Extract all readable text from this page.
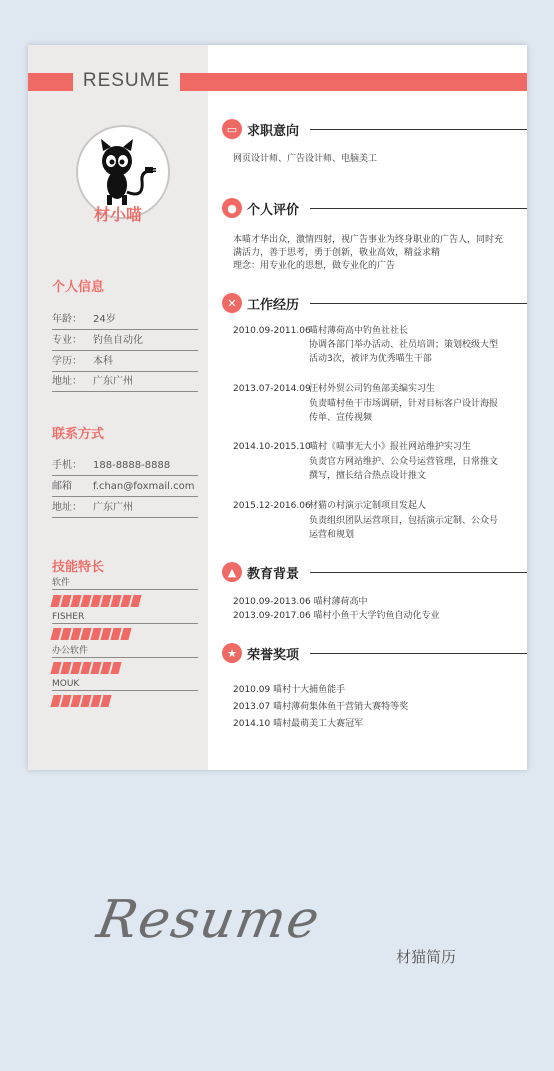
RESUME
材小喵
个人信息
年龄： 24岁
专业： 钓鱼自动化
学历： 本科
地址： 广东广州
联系方式
手机： 188-8888-8888
邮箱 f.chan@foxmail.com
地址： 广东广州
技能特长
软件
FISHER
办公软件
MOUK
▭ 求职意向
网页设计师、广告设计师、电脑美工
● 个人评价
本喵才华出众，激情四射，视广告事业为终身职业的广告人，同时充
满活力，善于思考，勇于创新，敬业高效，精益求精
理念：用专业化的思想，做专业化的广告
✕ 工作经历
2010.09-2011.06
喵村薄荷高中钓鱼社社长
协调各部门举办活动、社员培训；策划校级大型
活动3次，被评为优秀喵生干部
2013.07-2014.09
汪村外贸公司钓鱼部美编实习生
负责喵村鱼干市场调研，针对目标客户设计海报
传单、宣传视频
2014.10-2015.10
喵村《喵事无大小》报社网站维护实习生
负责官方网站维护、公众号运营管理，日常推文
撰写，擅长结合热点设计推文
2015.12-2016.06
材猫の村演示定制项目发起人
负责组织团队运营项目，包括演示定制、公众号
运营和规划
▲ 教育背景
2010.09-2013.06 喵村薄荷高中
2013.09-2017.06 喵村小鱼干大学钓鱼自动化专业
★ 荣誉奖项
2010.09 喵村十大捕鱼能手
2013.07 喵村薄荷集体鱼干营销大赛特等奖
2014.10 喵村最萌美工大赛冠军
Resume
材猫简历
